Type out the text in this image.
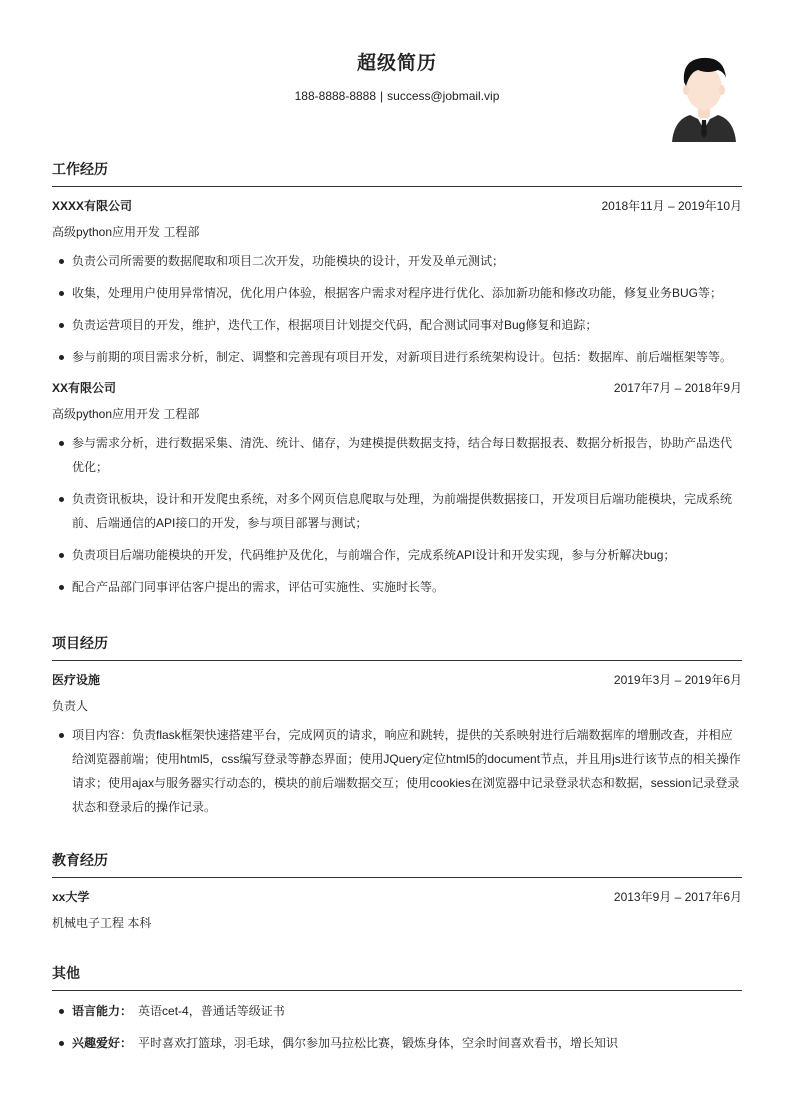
超级简历
188-8888-8888 | success@jobmail.vip
工作经历
XXXX有限公司	2018年11月 – 2019年10月
高级python应用开发 工程部
负责公司所需要的数据爬取和项目二次开发，功能模块的设计，开发及单元测试；
收集，处理用户使用异常情况，优化用户体验，根据客户需求对程序进行优化、添加新功能和修改功能，修复业务BUG等；
负责运营项目的开发，维护，迭代工作，根据项目计划提交代码，配合测试同事对Bug修复和追踪；
参与前期的项目需求分析，制定、调整和完善现有项目开发，对新项目进行系统架构设计。包括：数据库、前后端框架等等。
XX有限公司	2017年7月 – 2018年9月
高级python应用开发 工程部
参与需求分析，进行数据采集、清洗、统计、储存，为建模提供数据支持，结合每日数据报表、数据分析报告，协助产品迭代优化；
负责资讯板块，设计和开发爬虫系统，对多个网页信息爬取与处理，为前端提供数据接口，开发项目后端功能模块，完成系统前、后端通信的API接口的开发，参与项目部署与测试；
负责项目后端功能模块的开发，代码维护及优化，与前端合作，完成系统API设计和开发实现，参与分析解决bug；
配合产品部门同事评估客户提出的需求，评估可实施性、实施时长等。
项目经历
医疗设施	2019年3月 – 2019年6月
负责人
项目内容：负责flask框架快速搭建平台，完成网页的请求，响应和跳转，提供的关系映射进行后端数据库的增删改查，并相应给浏览器前端；使用html5，css编写登录等静态界面；使用JQuery定位html5的document节点，并且用js进行该节点的相关操作请求；使用ajax与服务器实行动态的，模块的前后端数据交互；使用cookies在浏览器中记录登录状态和数据，session记录登录状态和登录后的操作记录。
教育经历
xx大学	2013年9月 – 2017年6月
机械电子工程 本科
其他
语言能力： 英语cet-4，普通话等级证书
兴趣爱好： 平时喜欢打篮球，羽毛球，偶尔参加马拉松比赛，锻炼身体，空余时间喜欢看书，增长知识
